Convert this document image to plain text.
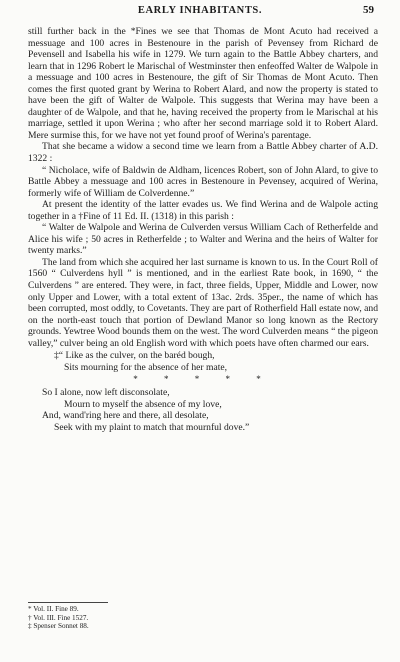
EARLY INHABITANTS.	59

still further back in the *Fines we see that Thomas de Mont Acuto had received a messuage and 100 acres in Bestenoure in the parish of Pevensey from Richard de Pevensell and Isabella his wife in 1279. We turn again to the Battle Abbey charters, and learn that in 1296 Robert le Marischal of Westminster then enfeoffed Walter de Walpole in a messuage and 100 acres in Bestenoure, the gift of Sir Thomas de Mont Acuto. Then comes the first quoted grant by Werina to Robert Alard, and now the property is stated to have been the gift of Walter de Walpole. This suggests that Werina may have been a daughter of de Walpole, and that he, having received the property from le Marischal at his marriage, settled it upon Werina ; who after her second marriage sold it to Robert Alard. Mere surmise this, for we have not yet found proof of Werina's parentage.

That she became a widow a second time we learn from a Battle Abbey charter of A.D. 1322 :

“ Nicholace, wife of Baldwin de Aldham, licences Robert, son of John Alard, to give to Battle Abbey a messuage and 100 acres in Bestenoure in Pevensey, acquired of Werina, formerly wife of William de Colverdenne.”

At present the identity of the latter evades us. We find Werina and de Walpole acting together in a †Fine of 11 Ed. II. (1318) in this parish :

“ Walter de Walpole and Werina de Culverden versus William Cach of Retherfelde and Alice his wife ; 50 acres in Retherfelde ; to Walter and Werina and the heirs of Walter for twenty marks.”

The land from which she acquired her last surname is known to us. In the Court Roll of 1560 “ Culverdens hyll ” is mentioned, and in the earliest Rate book, in 1690, “ the Culverdens ” are entered. They were, in fact, three fields, Upper, Middle and Lower, now only Upper and Lower, with a total extent of 13ac. 2rds. 35per., the name of which has been corrupted, most oddly, to Covetants. They are part of Rotherfield Hall estate now, and on the north-east touch that portion of Dewland Manor so long known as the Rectory grounds. Yewtree Wood bounds them on the west. The word Culverden means “ the pigeon valley,” culver being an old English word with which poets have often charmed our ears.

‡“ Like as the culver, on the baréd bough,
Sits mourning for the absence of her mate,
* * * * *
So I alone, now left disconsolate,
Mourn to myself the absence of my love,
And, wand'ring here and there, all desolate,
Seek with my plaint to match that mournful dove.”
* Vol. II. Fine 89.
† Vol. III. Fine 1527.
‡ Spenser Sonnet 88.
